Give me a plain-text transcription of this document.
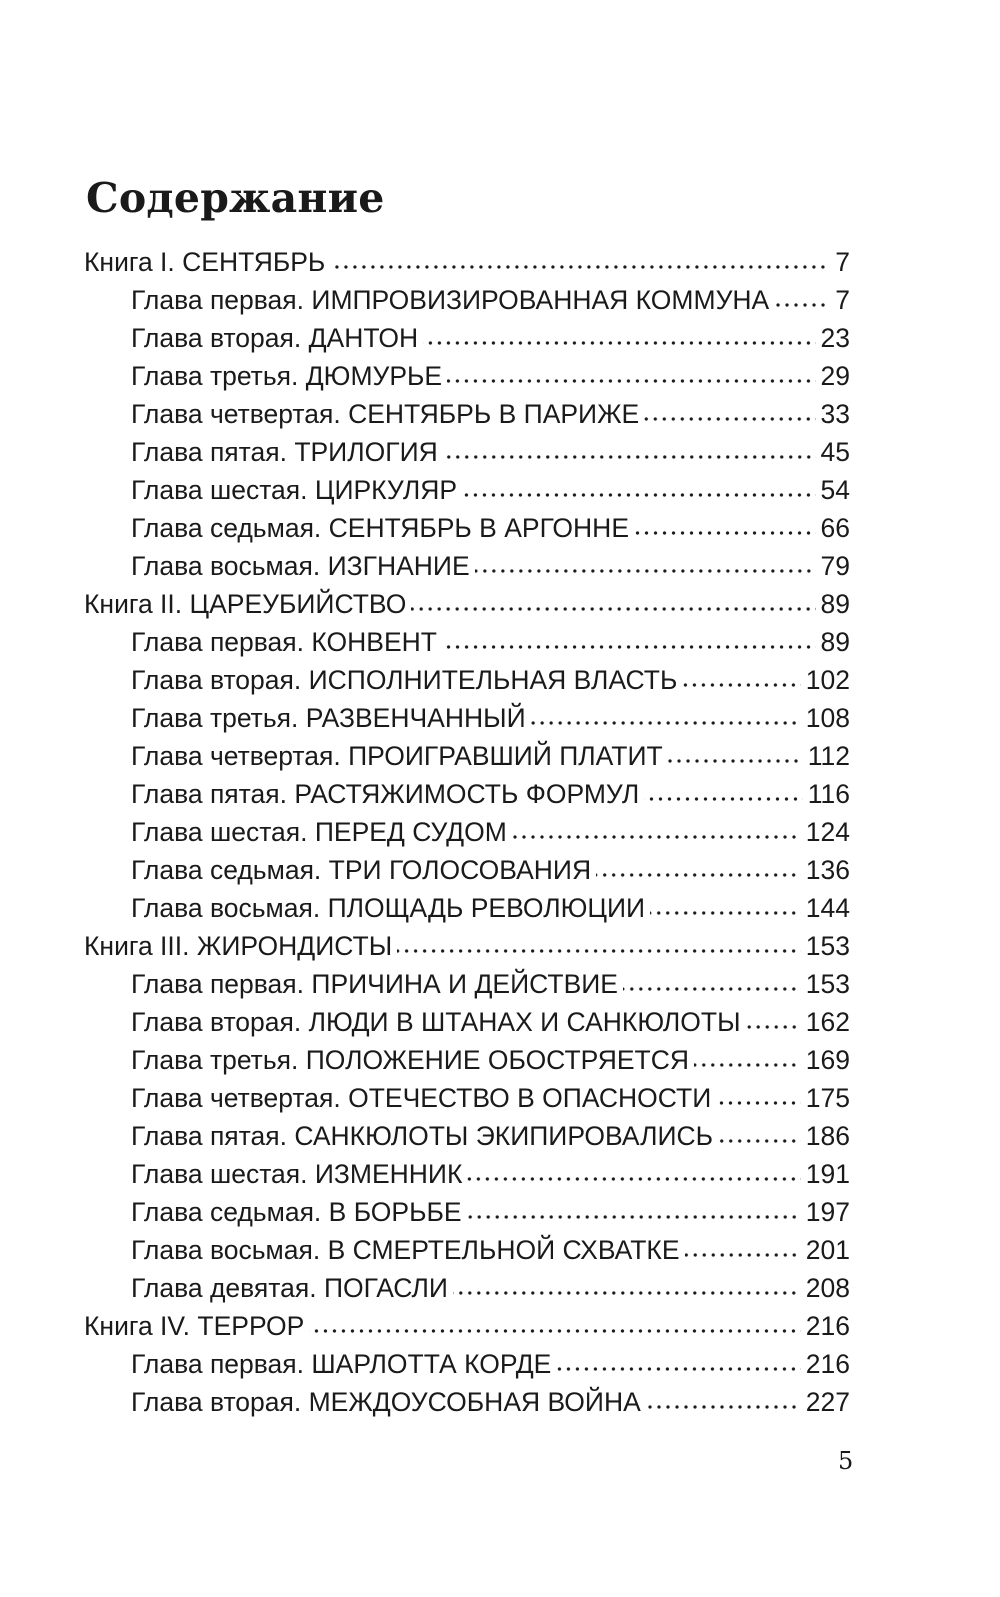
Содержание
Книга I. СЕНТЯБРЬ	7
Глава первая. ИМПРОВИЗИРОВАННАЯ КОММУНА 7
Глава вторая. ДАНТОН	23
Глава третья. ДЮМУРЬЕ	29
Глава четвертая. СЕНТЯБРЬ В ПАРИЖЕ	33
Глава пятая. ТРИЛОГИЯ	45
Глава шестая. ЦИРКУЛЯР	54
Глава седьмая. СЕНТЯБРЬ В АРГОННЕ	66
Глава восьмая. ИЗГНАНИЕ	79
Книга II. ЦАРЕУБИЙСТВО	89
Глава первая. КОНВЕНТ	89
Глава вторая. ИСПОЛНИТЕЛЬНАЯ ВЛАСТЬ	102
Глава третья. РАЗВЕНЧАННЫЙ	108
Глава четвертая. ПРОИГРАВШИЙ ПЛАТИТ	112
Глава пятая. РАСТЯЖИМОСТЬ ФОРМУЛ	116
Глава шестая. ПЕРЕД СУДОМ	124
Глава седьмая. ТРИ ГОЛОСОВАНИЯ	136
Глава восьмая. ПЛОЩАДЬ РЕВОЛЮЦИИ	144
Книга III. ЖИРОНДИСТЫ	153
Глава первая. ПРИЧИНА И ДЕЙСТВИЕ	153
Глава вторая. ЛЮДИ В ШТАНАХ И САНКЮЛОТЫ 162
Глава третья. ПОЛОЖЕНИЕ ОБОСТРЯЕТСЯ	169
Глава четвертая. ОТЕЧЕСТВО В ОПАСНОСТИ	175
Глава пятая. САНКЮЛОТЫ ЭКИПИРОВАЛИСЬ	186
Глава шестая. ИЗМЕННИК	191
Глава седьмая. В БОРЬБЕ	197
Глава восьмая. В СМЕРТЕЛЬНОЙ СХВАТКЕ	201
Глава девятая. ПОГАСЛИ	208
Книга IV. ТЕРРОР	216
Глава первая. ШАРЛОТТА КОРДЕ	216
Глава вторая. МЕЖДОУСОБНАЯ ВОЙНА	227
5
